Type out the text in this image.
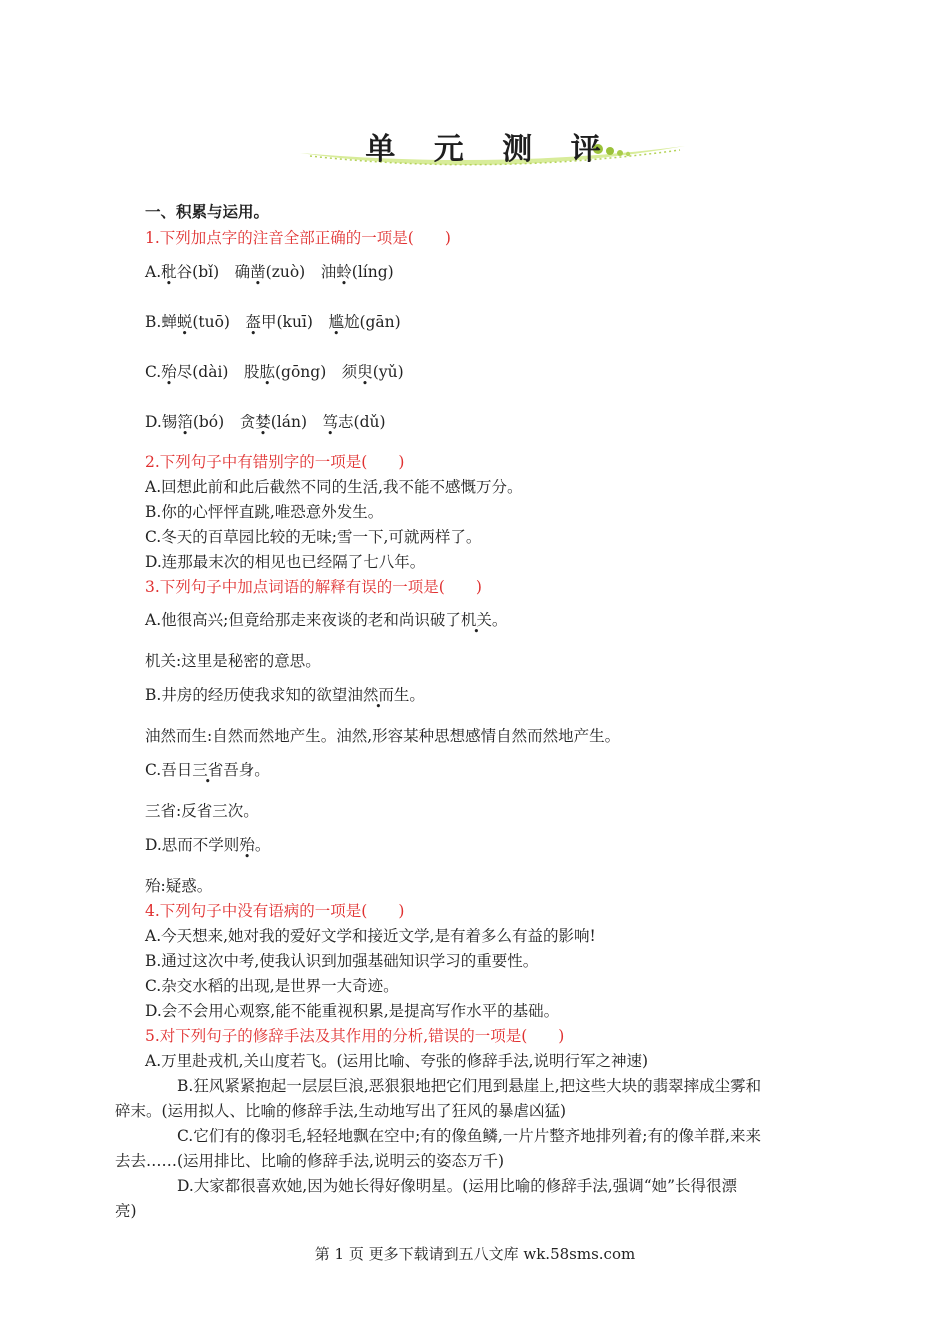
单 元 测 评
一、积累与运用。
1.下列加点字的注音全部正确的一项是(　　)
A.秕谷(bǐ)　确凿(zuò)　油蛉(líng)
B.蝉蜕(tuō)　盔甲(kuī)　尴尬(gān)
C.殆尽(dài)　股肱(gōng)　须臾(yǔ)
D.锡箔(bó)　贪婪(lán)　笃志(dǔ)
2.下列句子中有错别字的一项是(　　)
A.回想此前和此后截然不同的生活,我不能不感慨万分。
B.你的心怦怦直跳,唯恐意外发生。
C.冬天的百草园比较的无味;雪一下,可就两样了。
D.连那最末次的相见也已经隔了七八年。
3.下列句子中加点词语的解释有误的一项是(　　)
A.他很高兴;但竟给那走来夜谈的老和尚识破了机关。
机关:这里是秘密的意思。
B.井房的经历使我求知的欲望油然而生。
油然而生:自然而然地产生。油然,形容某种思想感情自然而然地产生。
C.吾日三省吾身。
三省:反省三次。
D.思而不学则殆。
殆:疑惑。
4.下列句子中没有语病的一项是(　　)
A.今天想来,她对我的爱好文学和接近文学,是有着多么有益的影响!
B.通过这次中考,使我认识到加强基础知识学习的重要性。
C.杂交水稻的出现,是世界一大奇迹。
D.会不会用心观察,能不能重视积累,是提高写作水平的基础。
5.对下列句子的修辞手法及其作用的分析,错误的一项是(　　)
A.万里赴戎机,关山度若飞。(运用比喻、夸张的修辞手法,说明行军之神速)
B.狂风紧紧抱起一层层巨浪,恶狠狠地把它们甩到悬崖上,把这些大块的翡翠摔成尘雾和
碎末。(运用拟人、比喻的修辞手法,生动地写出了狂风的暴虐凶猛)
C.它们有的像羽毛,轻轻地飘在空中;有的像鱼鳞,一片片整齐地排列着;有的像羊群,来来
去去……(运用排比、比喻的修辞手法,说明云的姿态万千)
D.大家都很喜欢她,因为她长得好像明星。(运用比喻的修辞手法,强调“她”长得很漂
亮)
第 1 页 更多下载请到五八文库 wk.58sms.com
